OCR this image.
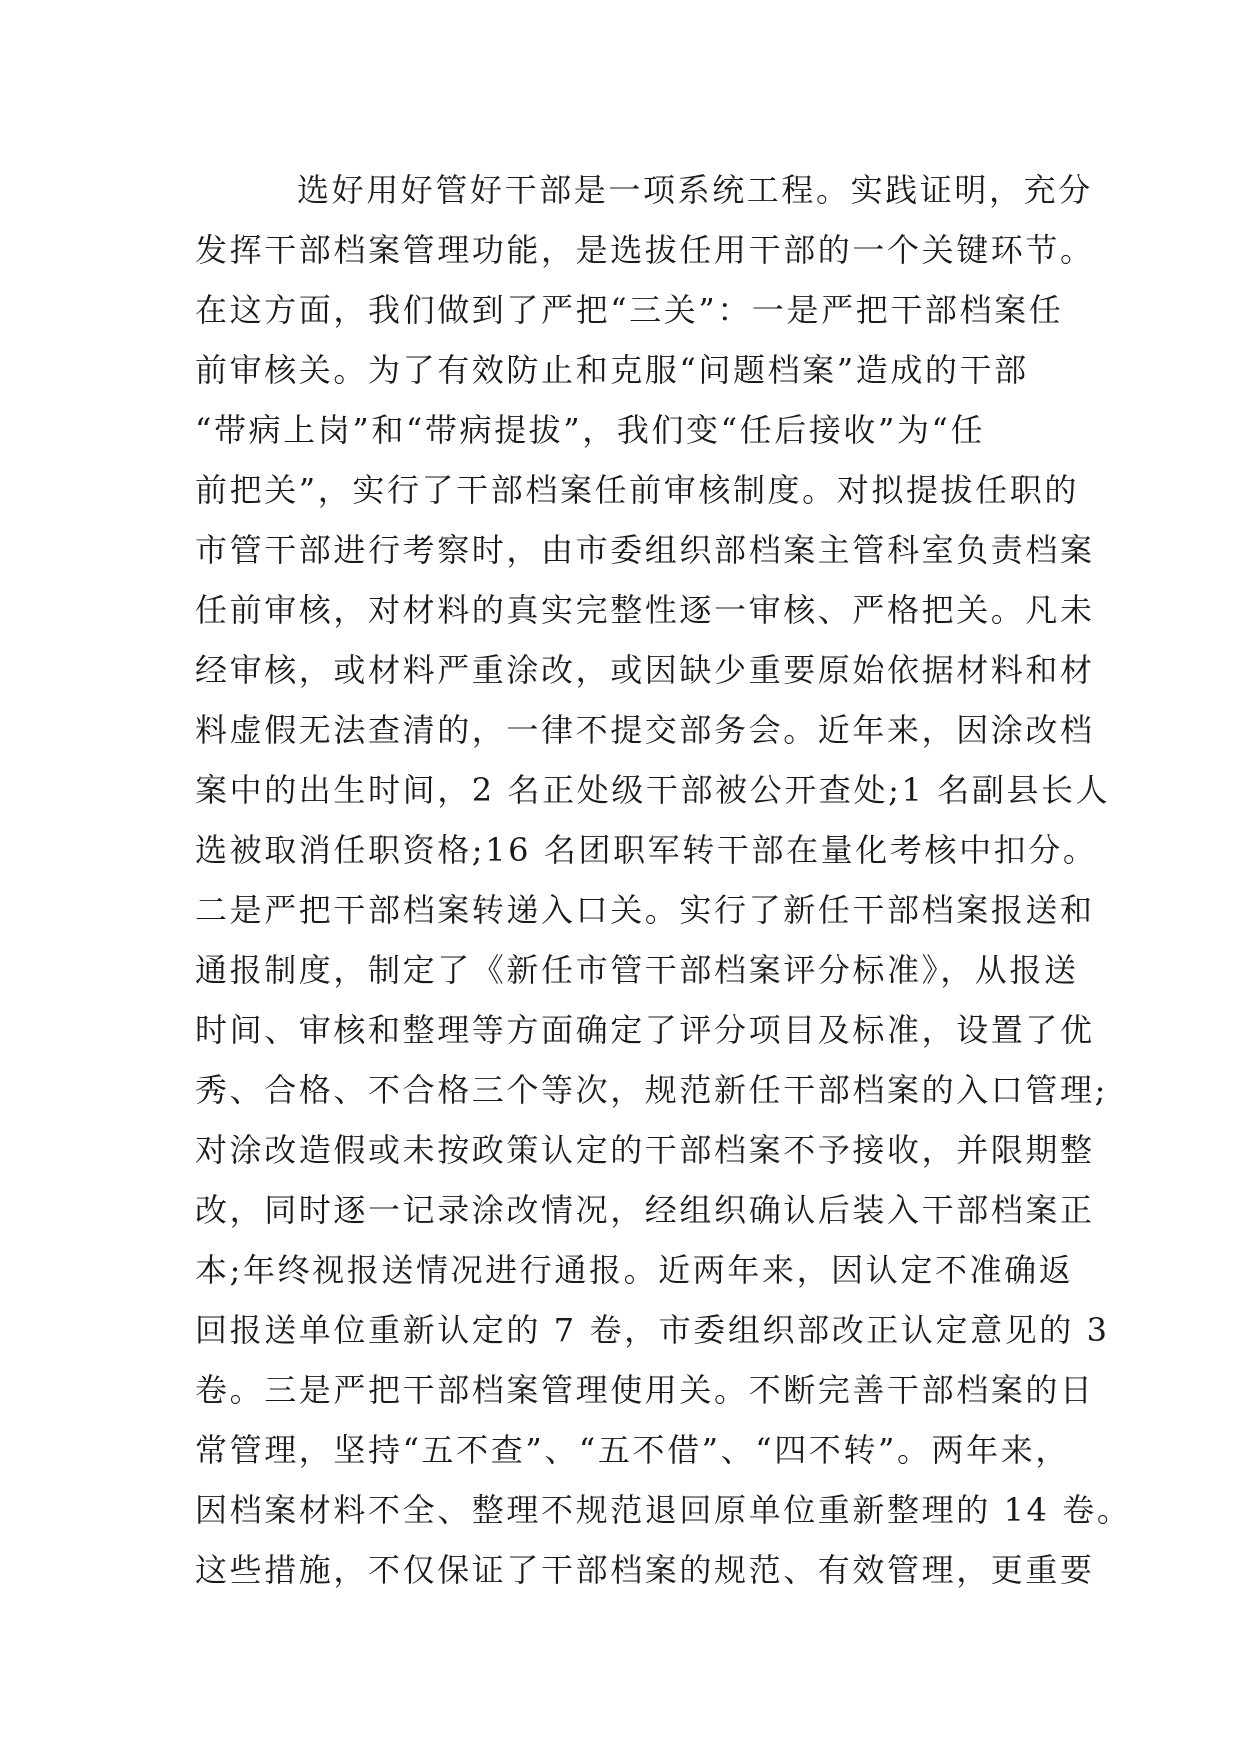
选好用好管好干部是一项系统工程。实践证明，充分
发挥干部档案管理功能，是选拔任用干部的一个关键环节。
在这方面，我们做到了严把“三关”：一是严把干部档案任
前审核关。为了有效防止和克服“问题档案”造成的干部
“带病上岗”和“带病提拔”，我们变“任后接收”为“任
前把关”，实行了干部档案任前审核制度。对拟提拔任职的
市管干部进行考察时，由市委组织部档案主管科室负责档案
任前审核，对材料的真实完整性逐一审核、严格把关。凡未
经审核，或材料严重涂改，或因缺少重要原始依据材料和材
料虚假无法查清的，一律不提交部务会。近年来，因涂改档
案中的出生时间，2 名正处级干部被公开查处;1 名副县长人
选被取消任职资格;16 名团职军转干部在量化考核中扣分。
二是严把干部档案转递入口关。实行了新任干部档案报送和
通报制度，制定了《新任市管干部档案评分标准》，从报送
时间、审核和整理等方面确定了评分项目及标准，设置了优
秀、合格、不合格三个等次，规范新任干部档案的入口管理;
对涂改造假或未按政策认定的干部档案不予接收，并限期整
改，同时逐一记录涂改情况，经组织确认后装入干部档案正
本;年终视报送情况进行通报。近两年来，因认定不准确返
回报送单位重新认定的 7 卷，市委组织部改正认定意见的 3
卷。三是严把干部档案管理使用关。不断完善干部档案的日
常管理，坚持“五不查”、“五不借”、“四不转”。两年来，
因档案材料不全、整理不规范退回原单位重新整理的 14 卷。
这些措施，不仅保证了干部档案的规范、有效管理，更重要
